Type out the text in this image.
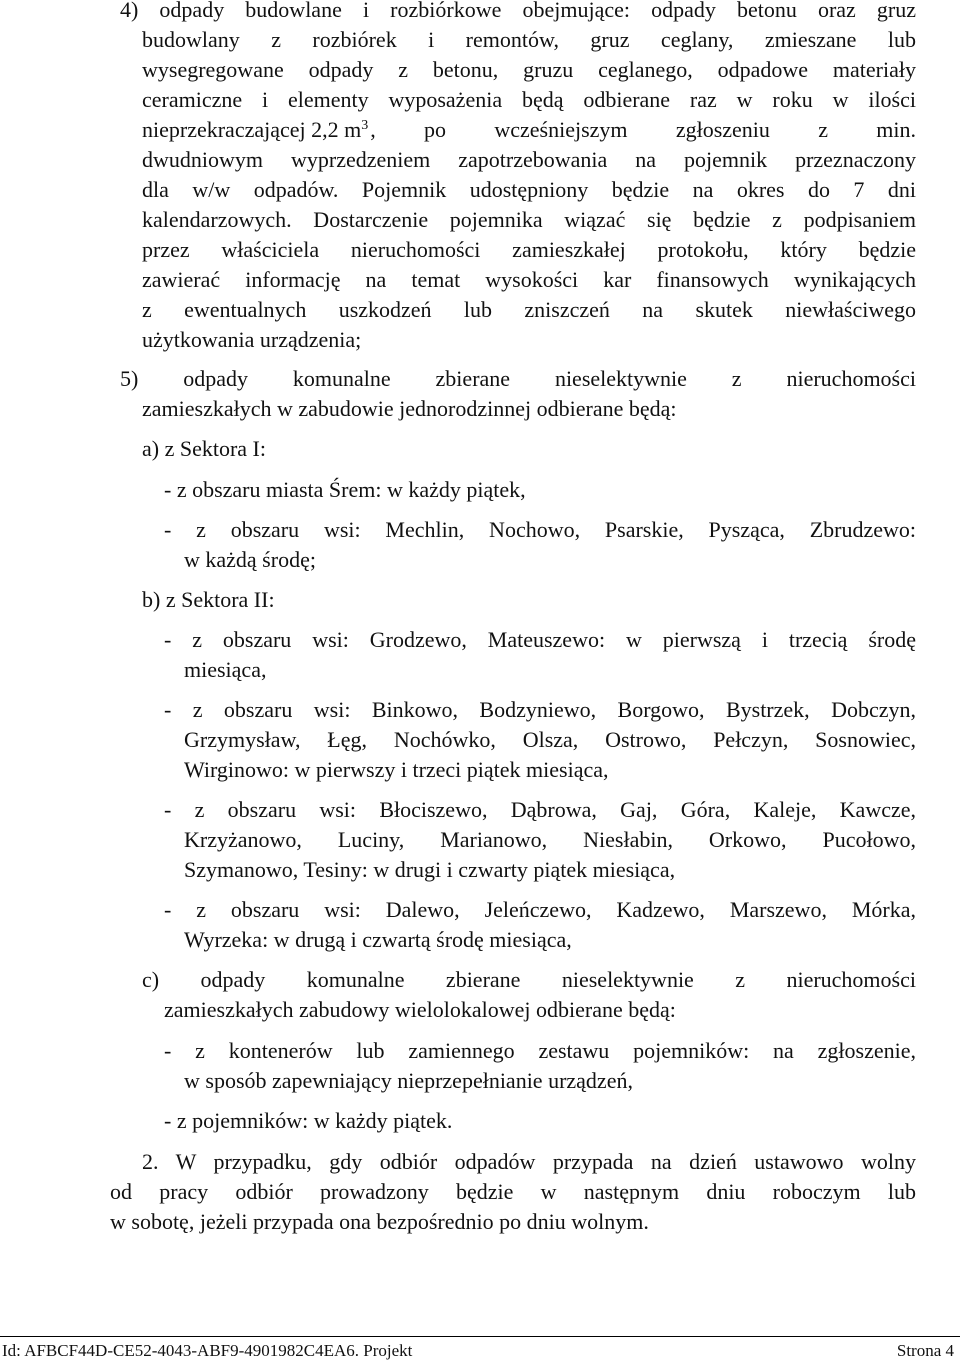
4) odpady budowlane i rozbiórkowe obejmujące: odpady betonu oraz gruz
budowlany z rozbiórek i remontów, gruz ceglany, zmieszane lub
wysegregowane odpady z betonu, gruzu ceglanego, odpadowe materiały
ceramiczne i elementy wyposażenia będą odbierane raz w roku w ilości
nieprzekraczającej 2,2 $m^3$ , po wcześniejszym zgłoszeniu z min.
dwudniowym wyprzedzeniem zapotrzebowania na pojemnik przeznaczony
dla w/w odpadów. Pojemnik udostępniony będzie na okres do 7 dni
kalendarzowych. Dostarczenie pojemnika wiązać się będzie z podpisaniem
przez właściciela nieruchomości zamieszkałej protokołu, który będzie
zawierać informację na temat wysokości kar finansowych wynikających
z ewentualnych uszkodzeń lub zniszczeń na skutek niewłaściwego
użytkowania urządzenia;
5) odpady komunalne zbierane nieselektywnie z nieruchomości
zamieszkałych w zabudowie jednorodzinnej odbierane będą:
a) z Sektora I:
- z obszaru miasta Śrem: w każdy piątek,
- z obszaru wsi: Mechlin, Nochowo, Psarskie, Pysząca, Zbrudzewo:
w każdą środę;
b) z Sektora II:
- z obszaru wsi: Grodzewo, Mateuszewo: w pierwszą i trzecią środę
miesiąca,
- z obszaru wsi: Binkowo, Bodzyniewo, Borgowo, Bystrzek, Dobczyn,
Grzymysław, Łęg, Nochówko, Olsza, Ostrowo, Pełczyn, Sosnowiec,
Wirginowo: w pierwszy i trzeci piątek miesiąca,
- z obszaru wsi: Błociszewo, Dąbrowa, Gaj, Góra, Kaleje, Kawcze,
Krzyżanowo, Luciny, Marianowo, Niesłabin, Orkowo, Pucołowo,
Szymanowo, Tesiny: w drugi i czwarty piątek miesiąca,
- z obszaru wsi: Dalewo, Jeleńczewo, Kadzewo, Marszewo, Mórka,
Wyrzeka: w drugą i czwartą środę miesiąca,
c) odpady komunalne zbierane nieselektywnie z nieruchomości
zamieszkałych zabudowy wielolokalowej odbierane będą:
- z kontenerów lub zamiennego zestawu pojemników: na zgłoszenie,
w sposób zapewniający nieprzepełnianie urządzeń,
- z pojemników: w każdy piątek.
2. W przypadku, gdy odbiór odpadów przypada na dzień ustawowo wolny
od pracy odbiór prowadzony będzie w następnym dniu roboczym lub
w sobotę, jeżeli przypada ona bezpośrednio po dniu wolnym.
Id: AFBCF44D-CE52-4043-ABF9-4901982C4EA6. Projekt	Strona 4
